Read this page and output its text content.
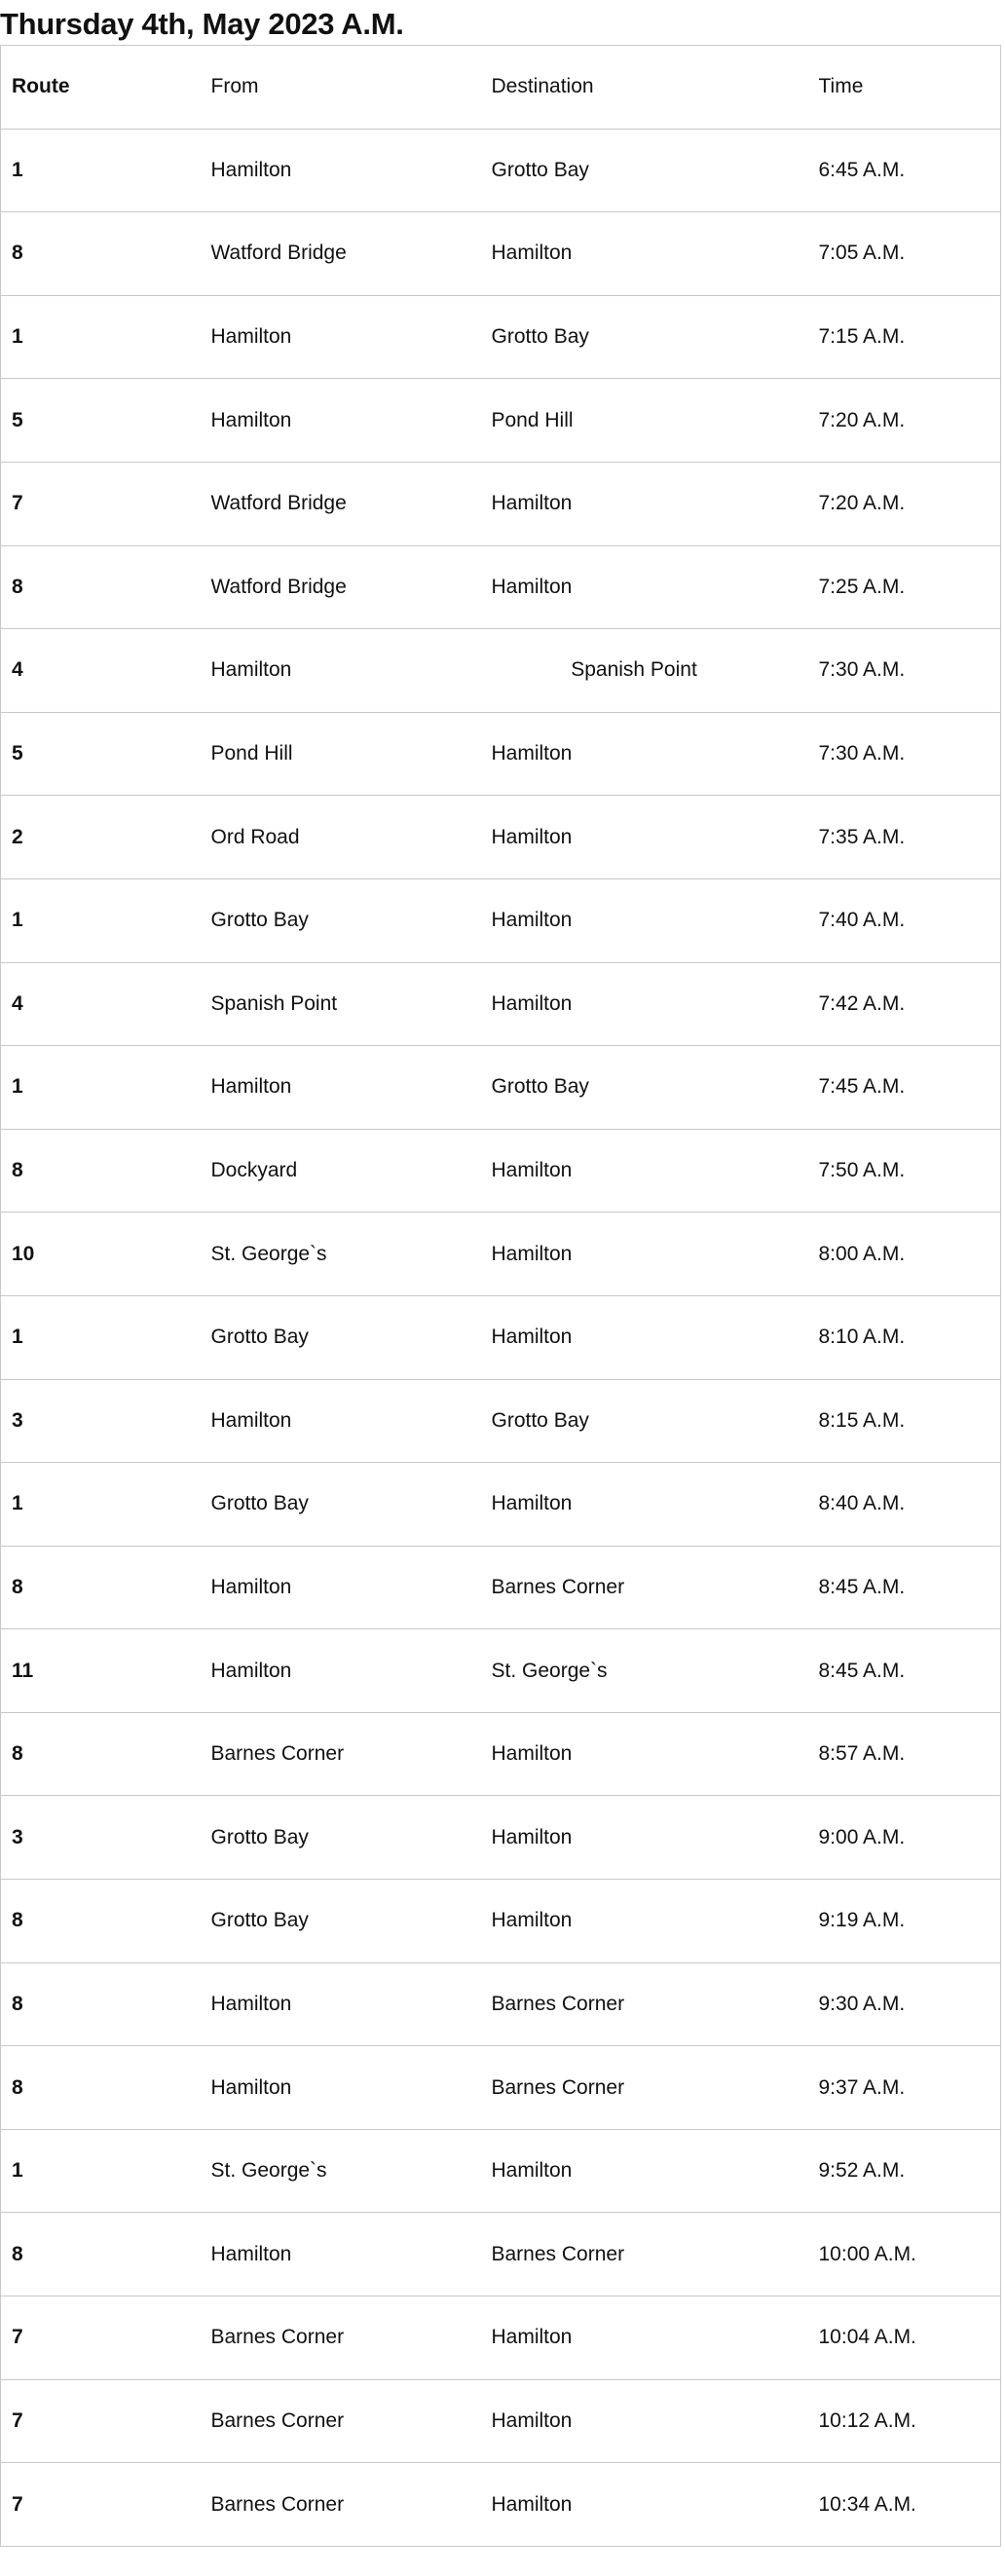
Thursday 4th, May 2023 A.M.
Route	From	Destination	Time
1	Hamilton	Grotto Bay	6:45 A.M.
8	Watford Bridge	Hamilton	7:05 A.M.
1	Hamilton	Grotto Bay	7:15 A.M.
5	Hamilton	Pond Hill	7:20 A.M.
7	Watford Bridge	Hamilton	7:20 A.M.
8	Watford Bridge	Hamilton	7:25 A.M.
4	Hamilton	Spanish Point	7:30 A.M.
5	Pond Hill	Hamilton	7:30 A.M.
2	Ord Road	Hamilton	7:35 A.M.
1	Grotto Bay	Hamilton	7:40 A.M.
4	Spanish Point	Hamilton	7:42 A.M.
1	Hamilton	Grotto Bay	7:45 A.M.
8	Dockyard	Hamilton	7:50 A.M.
10	St. George`s	Hamilton	8:00 A.M.
1	Grotto Bay	Hamilton	8:10 A.M.
3	Hamilton	Grotto Bay	8:15 A.M.
1	Grotto Bay	Hamilton	8:40 A.M.
8	Hamilton	Barnes Corner	8:45 A.M.
11	Hamilton	St. George`s	8:45 A.M.
8	Barnes Corner	Hamilton	8:57 A.M.
3	Grotto Bay	Hamilton	9:00 A.M.
8	Grotto Bay	Hamilton	9:19 A.M.
8	Hamilton	Barnes Corner	9:30 A.M.
8	Hamilton	Barnes Corner	9:37 A.M.
1	St. George`s	Hamilton	9:52 A.M.
8	Hamilton	Barnes Corner	10:00 A.M.
7	Barnes Corner	Hamilton	10:04 A.M.
7	Barnes Corner	Hamilton	10:12 A.M.
7	Barnes Corner	Hamilton	10:34 A.M.
